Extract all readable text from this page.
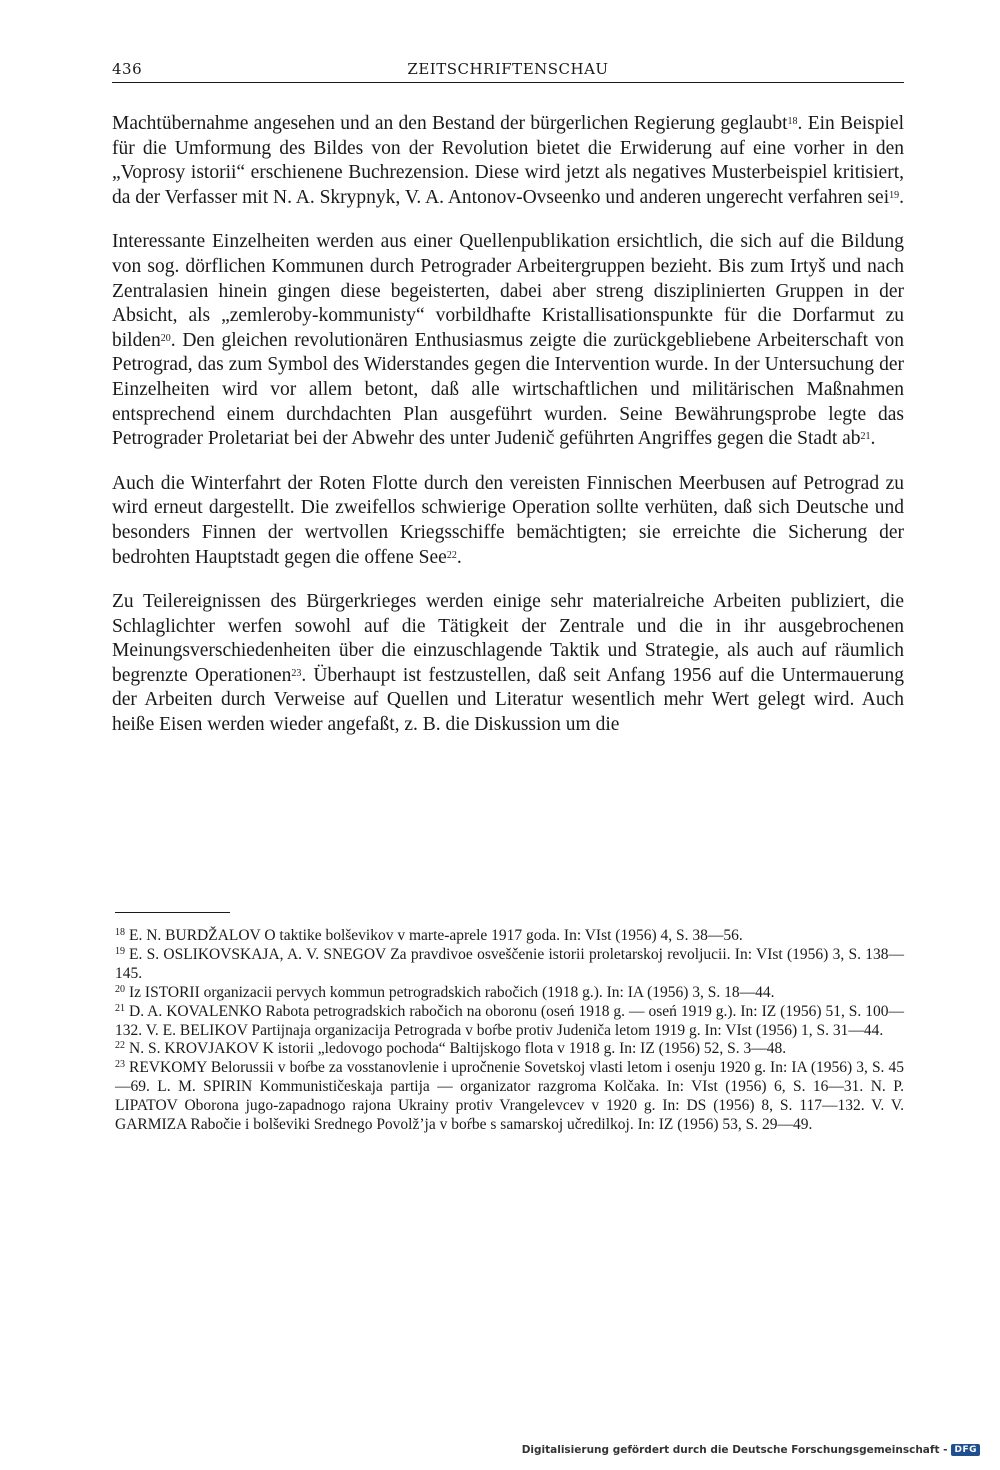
436	ZEITSCHRIFTENSCHAU

Machtübernahme angesehen und an den Bestand der bürgerlichen Regierung geglaubt$^{18}$. Ein Beispiel für die Umformung des Bildes von der Revolution bietet die Erwiderung auf eine vorher in den „Voprosy istorii“ erschienene Buchrezension. Diese wird jetzt als negatives Musterbeispiel kritisiert, da der Verfasser mit N. A. Skrypnyk, V. A. Antonov-Ovseenko und anderen ungerecht verfahren sei$^{19}$.

Interessante Einzelheiten werden aus einer Quellenpublikation ersichtlich, die sich auf die Bildung von sog. dörflichen Kommunen durch Petrograder Arbeitergruppen bezieht. Bis zum Irtyš und nach Zentralasien hinein gingen diese begeisterten, dabei aber streng disziplinierten Gruppen in der Absicht, als „zemleroby-kommunisty“ vorbildhafte Kristallisationspunkte für die Dorfarmut zu bilden$^{20}$. Den gleichen revolutionären Enthusiasmus zeigte die zurückgebliebene Arbeiterschaft von Petrograd, das zum Symbol des Widerstandes gegen die Intervention wurde. In der Untersuchung der Einzelheiten wird vor allem betont, daß alle wirtschaftlichen und militärischen Maßnahmen entsprechend einem durchdachten Plan ausgeführt wurden. Seine Bewährungsprobe legte das Petrograder Proletariat bei der Abwehr des unter Judenič geführten Angriffes gegen die Stadt $ab^{21}$.

Auch die Winterfahrt der Roten Flotte durch den vereisten Finnischen Meerbusen auf Petrograd zu wird erneut dargestellt. Die zweifellos schwierige Operation sollte verhüten, daß sich Deutsche und besonders Finnen der wertvollen Kriegsschiffe bemächtigten; sie erreichte die Sicherung der bedrohten Hauptstadt gegen die offene See$^{22}$.

Zu Teilereignissen des Bürgerkrieges werden einige sehr materialreiche Arbeiten publiziert, die Schlaglichter werfen sowohl auf die Tätigkeit der Zentrale und die in ihr ausgebrochenen Meinungsverschiedenheiten über die einzuschlagende Taktik und Strategie, als auch auf räumlich begrenzte Operationen$^{23}$. Überhaupt ist festzustellen, daß seit Anfang 1956 auf die Untermauerung der Arbeiten durch Verweise auf Quellen und Literatur wesentlich mehr Wert gelegt wird. Auch heiße Eisen werden wieder angefaßt, z. B. die Diskussion um die

$^{18}$ E. N. BURDŽALOV O taktike bolševikov v marte-aprele 1917 goda. In: VIst (1956) 4, S. 38—56.

$^{19}$ E. S. OSLIKOVSKAJA, A. V. SNEGOV Za pravdivoe osveščenie istorii proletarskoj revoljucii. In: VIst (1956) 3, S. 138—145.

$^{20}$ Iz ISTORII organizacii pervych kommun petrogradskich rabočich (1918 g.). In: IA (1956) 3, S. 18—44.

$^{21}$ D. A. KOVALENKO Rabota petrogradskich rabočich na oboronu (oseń 1918 g. — oseń 1919 g.). In: IZ (1956) 51, S. 100—132. V. E. BELIKOV Partijnaja organizacija Petrograda v boŕbe protiv Judeniča letom 1919 g. In: VIst (1956) 1, S. 31—44.

$^{22}$ N. S. KROVJAKOV K istorii „ledovogo pochoda“ Baltijskogo flota v 1918 g. In: IZ (1956) 52, S. 3—48.

$^{23}$ REVKOMY Belorussii v boŕbe za vosstanovlenie i upročnenie Sovetskoj vlasti letom i osenju 1920 g. In: IA (1956) 3, S. 45—69. L. M. SPIRIN Kommunističeskaja partija — organizator razgroma Kolčaka. In: VIst (1956) 6, S. 16—31. N. P. LIPATOV Oborona jugo-zapadnogo rajona Ukrainy protiv Vrangelevcev v 1920 g. In: DS (1956) 8, S. 117—132. V. V. GARMIZA Rabočie i bolševiki Srednego Povolž’ja v boŕbe s samarskoj učredilkoj. In: IZ (1956) 53, S. 29—49.

Digitalisierung gefördert durch die Deutsche Forschungsgemeinschaft - DFG
